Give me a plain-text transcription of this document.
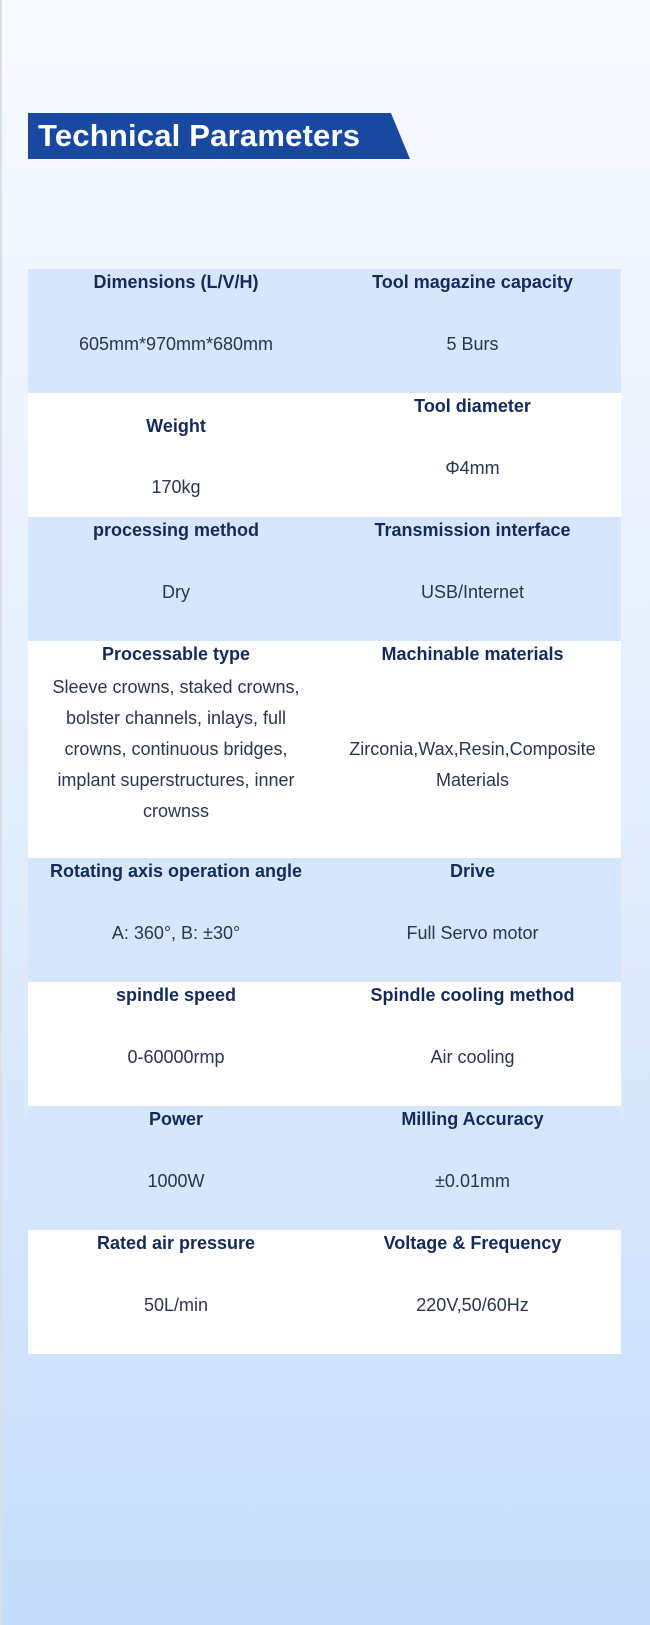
Technical Parameters
Dimensions (L/V/H)
605mm*970mm*680mm
Tool magazine capacity
5 Burs
Weight
170kg
Tool diameter
Φ4mm
processing method
Dry
Transmission interface
USB/Internet
Processable type
Sleeve crowns, staked crowns, bolster channels, inlays, full crowns, continuous bridges, implant superstructures, inner crownss
Machinable materials
Zirconia,Wax,Resin,Composite Materials
Rotating axis operation angle
A: 360°, B: ±30°
Drive
Full Servo motor
spindle speed
0-60000rmp
Spindle cooling method
Air cooling
Power
1000W
Milling Accuracy
±0.01mm
Rated air pressure
50L/min
Voltage & Frequency
220V,50/60Hz
